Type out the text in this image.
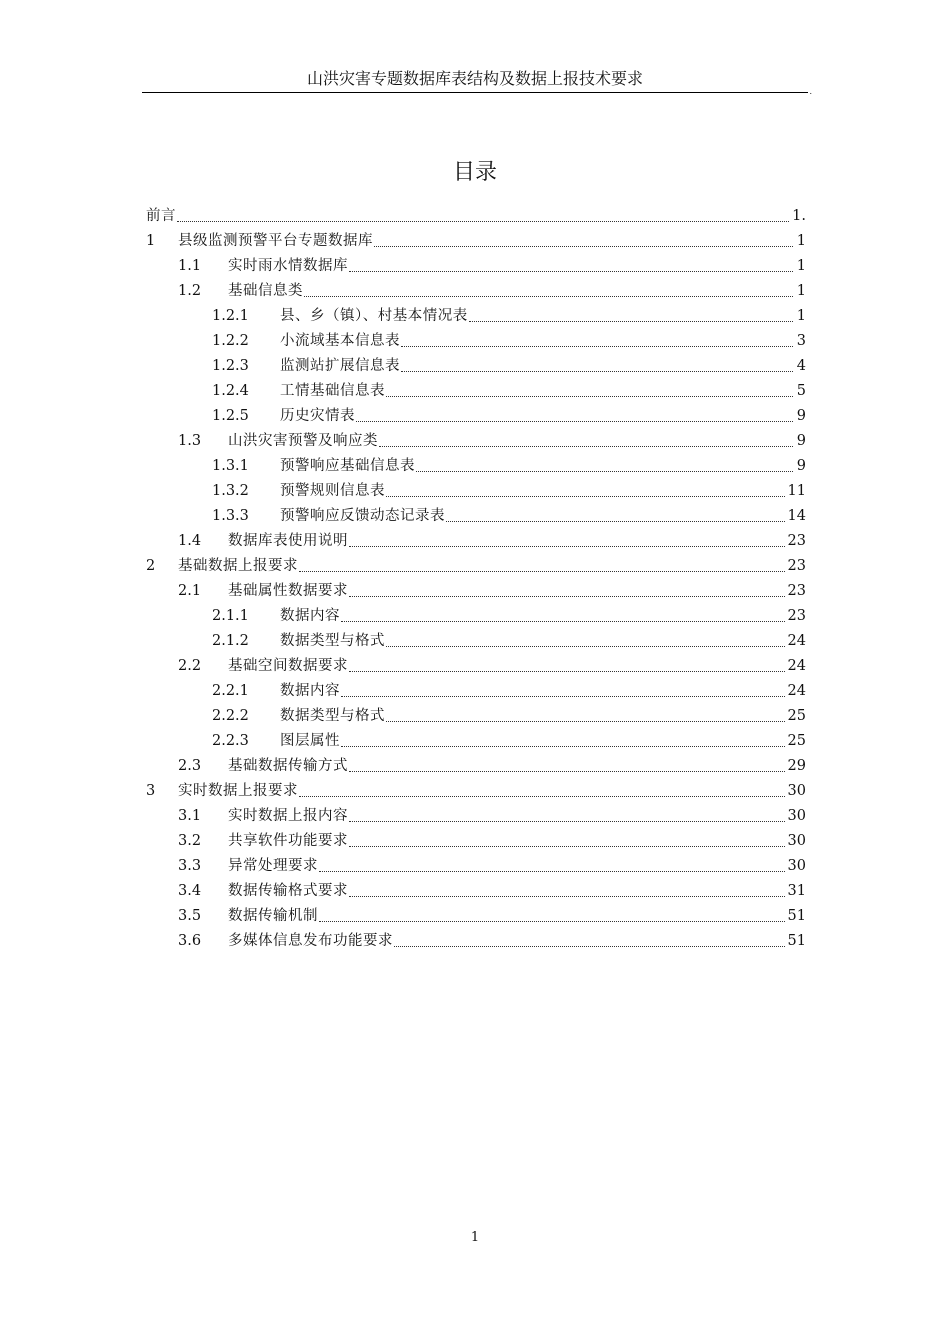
山洪灾害专题数据库表结构及数据上报技术要求
.
目录
前言	1.
1	县级监测预警平台专题数据库	1
1.1	实时雨水情数据库	1
1.2	基础信息类	1
1.2.1	县、乡（镇）、村基本情况表	1
1.2.2	小流域基本信息表	3
1.2.3	监测站扩展信息表	4
1.2.4	工情基础信息表	5
1.2.5	历史灾情表	9
1.3	山洪灾害预警及响应类	9
1.3.1	预警响应基础信息表	9
1.3.2	预警规则信息表	11
1.3.3	预警响应反馈动态记录表	14
1.4	数据库表使用说明	23
2	基础数据上报要求	23
2.1	基础属性数据要求	23
2.1.1	数据内容	23
2.1.2	数据类型与格式	24
2.2	基础空间数据要求	24
2.2.1	数据内容	24
2.2.2	数据类型与格式	25
2.2.3	图层属性	25
2.3	基础数据传输方式	29
3	实时数据上报要求	30
3.1	实时数据上报内容	30
3.2	共享软件功能要求	30
3.3	异常处理要求	30
3.4	数据传输格式要求	31
3.5	数据传输机制	51
3.6	多媒体信息发布功能要求	51
1
